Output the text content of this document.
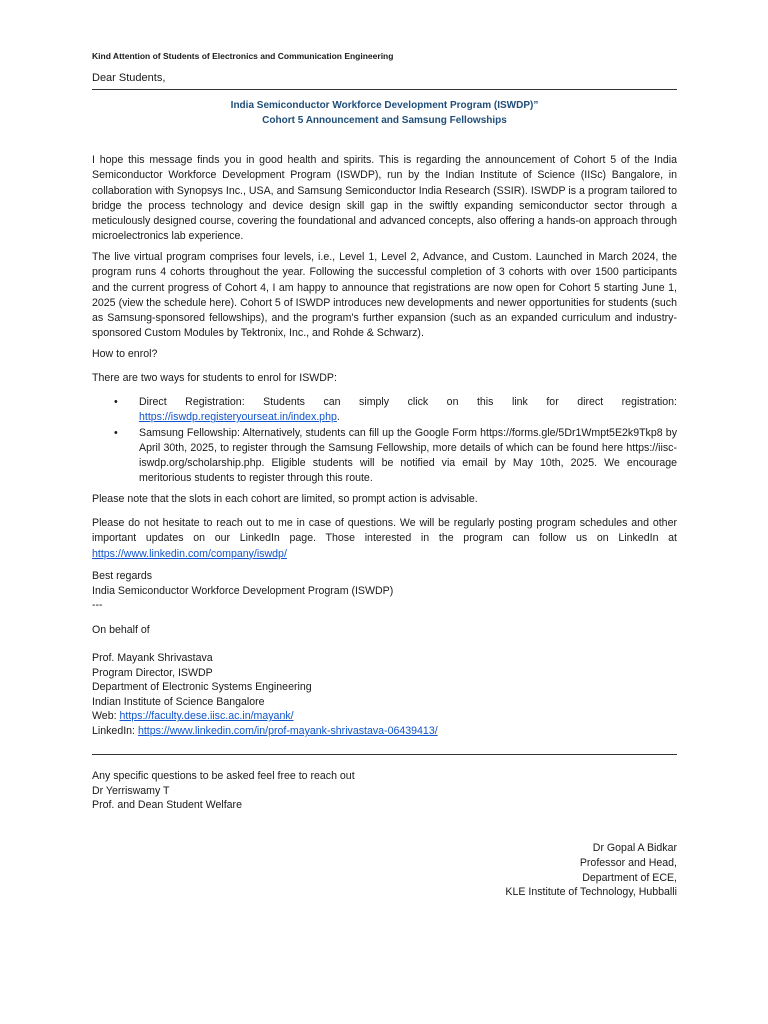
Kind Attention of Students of Electronics and Communication Engineering
Dear Students,
India Semiconductor Workforce Development Program (ISWDP)”
Cohort 5 Announcement and Samsung Fellowships

I hope this message finds you in good health and spirits. This is regarding the announcement of Cohort 5 of the India Semiconductor Workforce Development Program (ISWDP), run by the Indian Institute of Science (IISc) Bangalore, in collaboration with Synopsys Inc., USA, and Samsung Semiconductor India Research (SSIR). ISWDP is a program tailored to bridge the process technology and device design skill gap in the swiftly expanding semiconductor sector through a meticulously designed course, covering the foundational and advanced concepts, also offering a hands-on approach through microelectronics lab experience.

The live virtual program comprises four levels, i.e., Level 1, Level 2, Advance, and Custom. Launched in March 2024, the program runs 4 cohorts throughout the year. Following the successful completion of 3 cohorts with over 1500 participants and the current progress of Cohort 4, I am happy to announce that registrations are now open for Cohort 5 starting June 1, 2025 (view the schedule here). Cohort 5 of ISWDP introduces new developments and newer opportunities for students (such as Samsung-sponsored fellowships), and the program's further expansion (such as an expanded curriculum and industry-sponsored Custom Modules by Tektronix, Inc., and Rohde & Schwarz).

How to enrol?
There are two ways for students to enrol for ISWDP:

• Direct Registration: Students can simply click on this link for direct registration: https://iswdp.registeryourseat.in/index.php.

• Samsung Fellowship: Alternatively, students can fill up the Google Form https://forms.gle/5Dr1Wmpt5E2k9Tkp8 by April 30th, 2025, to register through the Samsung Fellowship, more details of which can be found here https://iisc-iswdp.org/scholarship.php. Eligible students will be notified via email by May 10th, 2025. We encourage meritorious students to register through this route.

Please note that the slots in each cohort are limited, so prompt action is advisable.

Please do not hesitate to reach out to me in case of questions. We will be regularly posting program schedules and other important updates on our LinkedIn page. Those interested in the program can follow us on LinkedIn at https://www.linkedin.com/company/iswdp/

Best regards
India Semiconductor Workforce Development Program (ISWDP)
---
On behalf of
Prof. Mayank Shrivastava
Program Director, ISWDP
Department of Electronic Systems Engineering
Indian Institute of Science Bangalore
Web: https://faculty.dese.iisc.ac.in/mayank/
LinkedIn: https://www.linkedin.com/in/prof-mayank-shrivastava-06439413/
Any specific questions to be asked feel free to reach out
Dr Yerriswamy T
Prof. and Dean Student Welfare
Dr Gopal A Bidkar
Professor and Head,
Department of ECE,
KLE Institute of Technology, Hubballi
